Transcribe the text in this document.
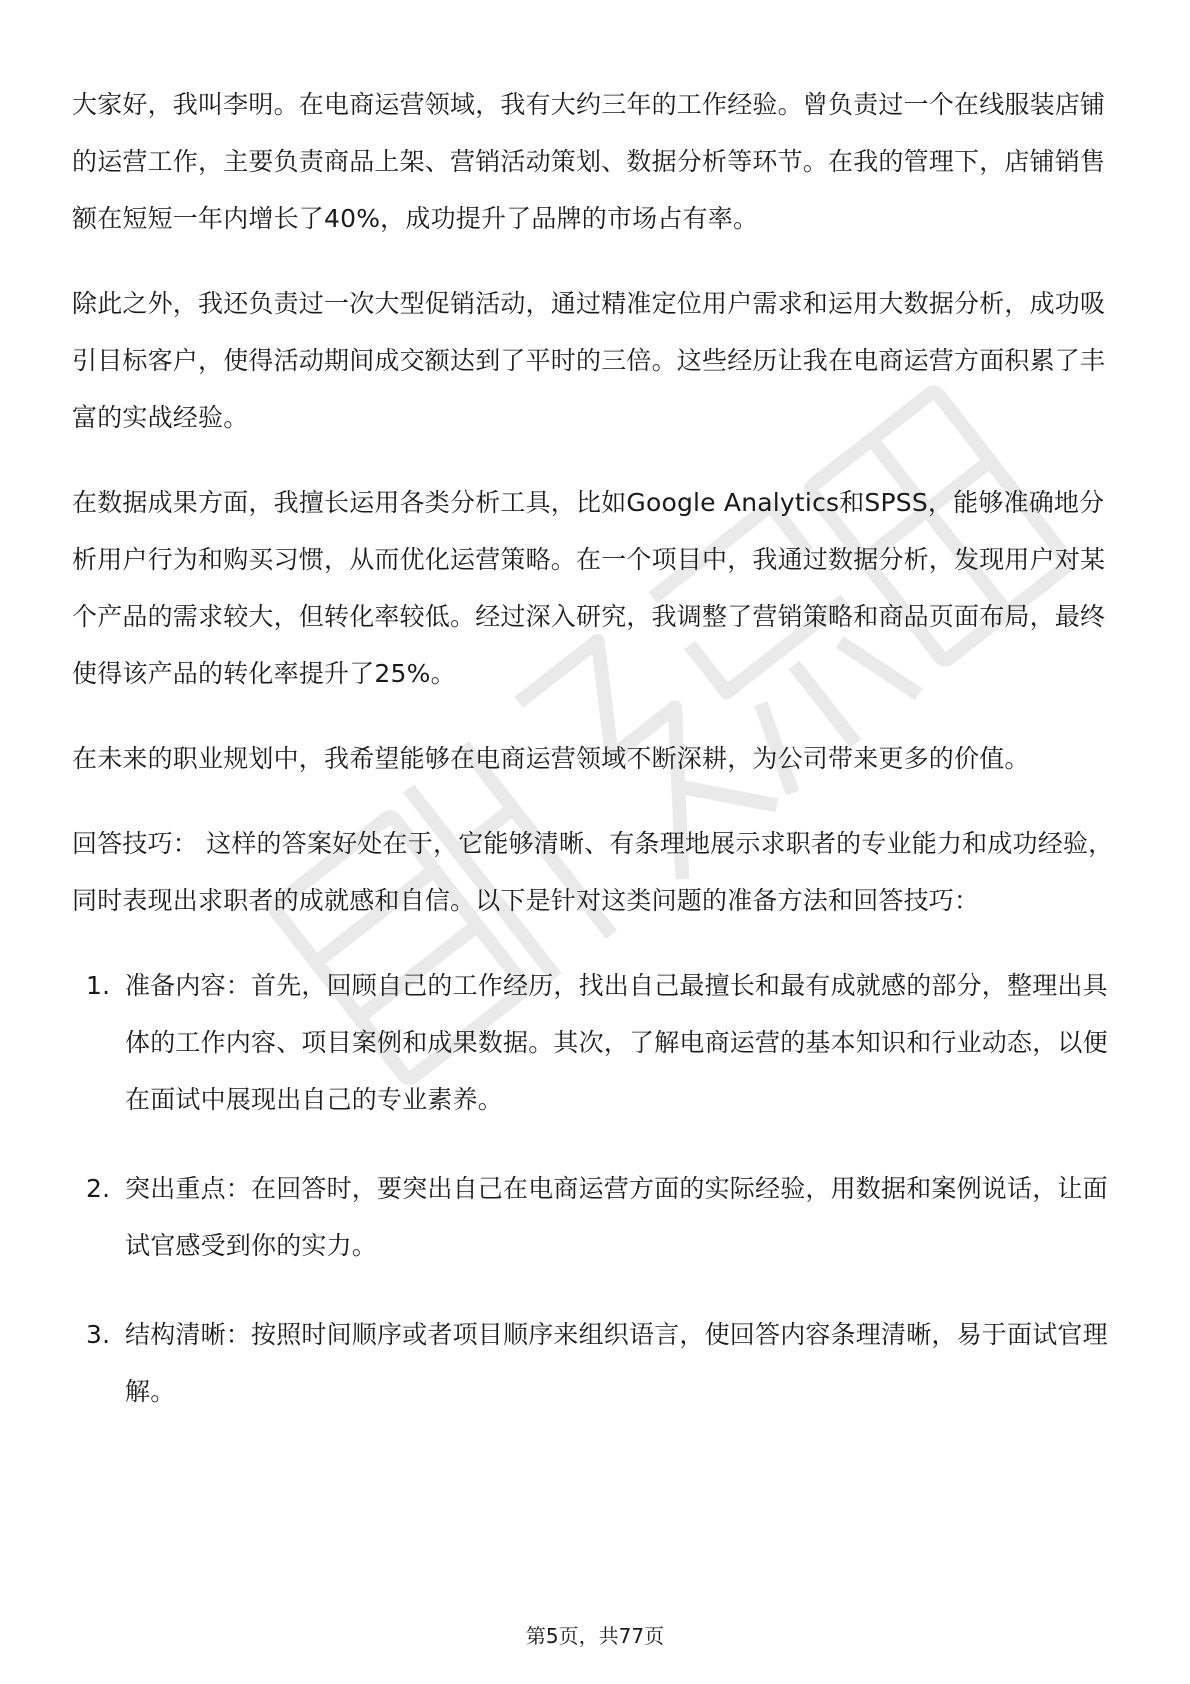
大家好，我叫李明。在电商运营领域，我有大约三年的工作经验。曾负责过一个在线服装店铺的运营工作，主要负责商品上架、营销活动策划、数据分析等环节。在我的管理下，店铺销售额在短短一年内增长了40%，成功提升了品牌的市场占有率。

除此之外，我还负责过一次大型促销活动，通过精准定位用户需求和运用大数据分析，成功吸引目标客户，使得活动期间成交额达到了平时的三倍。这些经历让我在电商运营方面积累了丰富的实战经验。

在数据成果方面，我擅长运用各类分析工具，比如Google Analytics和SPSS，能够准确地分析用户行为和购买习惯，从而优化运营策略。在一个项目中，我通过数据分析，发现用户对某个产品的需求较大，但转化率较低。经过深入研究，我调整了营销策略和商品页面布局，最终使得该产品的转化率提升了25%。

在未来的职业规划中，我希望能够在电商运营领域不断深耕，为公司带来更多的价值。

回答技巧： 这样的答案好处在于，它能够清晰、有条理地展示求职者的专业能力和成功经验，同时表现出求职者的成就感和自信。以下是针对这类问题的准备方法和回答技巧：

1. 准备内容：首先，回顾自己的工作经历，找出自己最擅长和最有成就感的部分，整理出具体的工作内容、项目案例和成果数据。其次，了解电商运营的基本知识和行业动态，以便在面试中展现出自己的专业素养。
2. 突出重点：在回答时，要突出自己在电商运营方面的实际经验，用数据和案例说话，让面试官感受到你的实力。
3. 结构清晰：按照时间顺序或者项目顺序来组织语言，使回答内容条理清晰，易于面试官理解。
第5页，共77页
